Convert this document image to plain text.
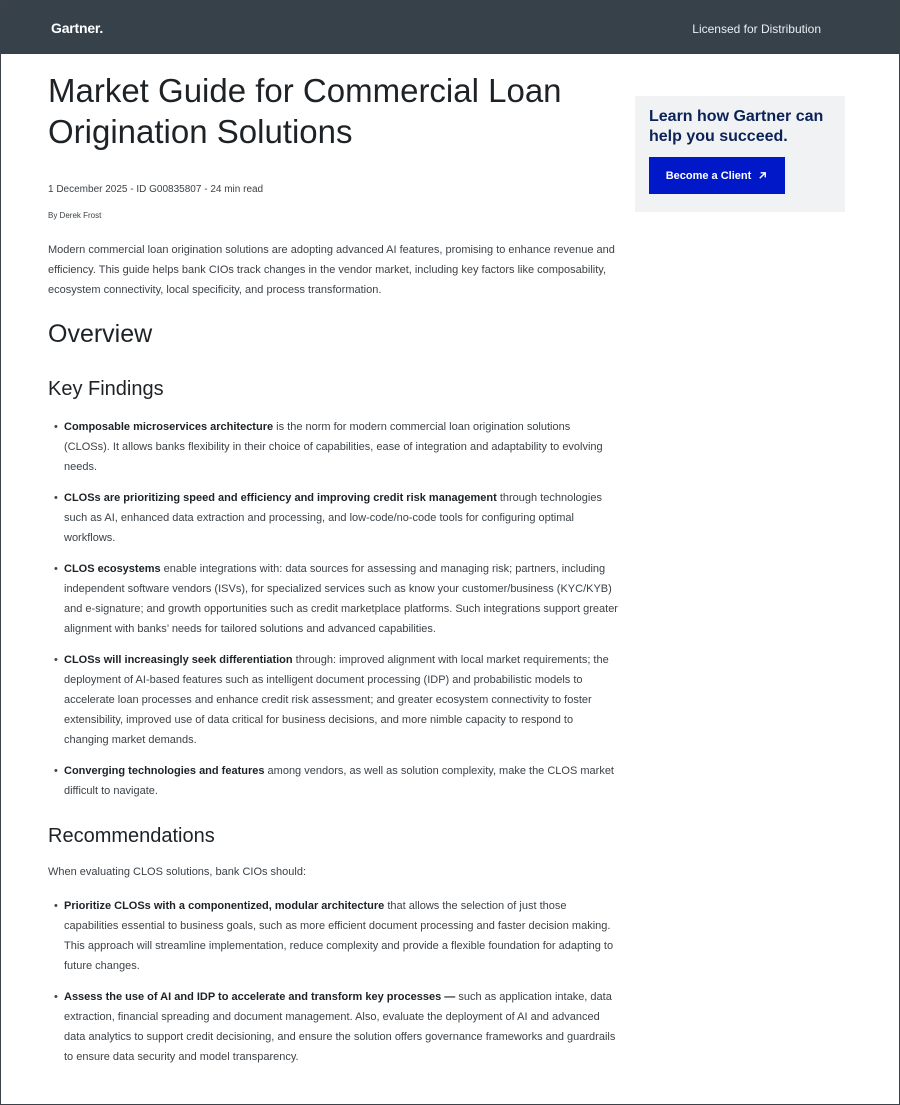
Gartner.	Licensed for Distribution
Market Guide for Commercial Loan Origination Solutions
1 December 2025 - ID G00835807 - 24 min read
By Derek Frost
Modern commercial loan origination solutions are adopting advanced AI features, promising to enhance revenue and efficiency. This guide helps bank CIOs track changes in the vendor market, including key factors like composability, ecosystem connectivity, local specificity, and process transformation.
Overview
Key Findings
• Composable microservices architecture is the norm for modern commercial loan origination solutions (CLOSs). It allows banks flexibility in their choice of capabilities, ease of integration and adaptability to evolving needs.
• CLOSs are prioritizing speed and efficiency and improving credit risk management through technologies such as AI, enhanced data extraction and processing, and low-code/no-code tools for configuring optimal workflows.
• CLOS ecosystems enable integrations with: data sources for assessing and managing risk; partners, including independent software vendors (ISVs), for specialized services such as know your customer/business (KYC/KYB) and e-signature; and growth opportunities such as credit marketplace platforms. Such integrations support greater alignment with banks’ needs for tailored solutions and advanced capabilities.
• CLOSs will increasingly seek differentiation through: improved alignment with local market requirements; the deployment of AI-based features such as intelligent document processing (IDP) and probabilistic models to accelerate loan processes and enhance credit risk assessment; and greater ecosystem connectivity to foster extensibility, improved use of data critical for business decisions, and more nimble capacity to respond to changing market demands.
• Converging technologies and features among vendors, as well as solution complexity, make the CLOS market difficult to navigate.
Recommendations
When evaluating CLOS solutions, bank CIOs should:
• Prioritize CLOSs with a componentized, modular architecture that allows the selection of just those capabilities essential to business goals, such as more efficient document processing and faster decision making. This approach will streamline implementation, reduce complexity and provide a flexible foundation for adapting to future changes.
• Assess the use of AI and IDP to accelerate and transform key processes — such as application intake, data extraction, financial spreading and document management. Also, evaluate the deployment of AI and advanced data analytics to support credit decisioning, and ensure the solution offers governance frameworks and guardrails to ensure data security and model transparency.
Learn how Gartner can help you succeed.
Become a Client
